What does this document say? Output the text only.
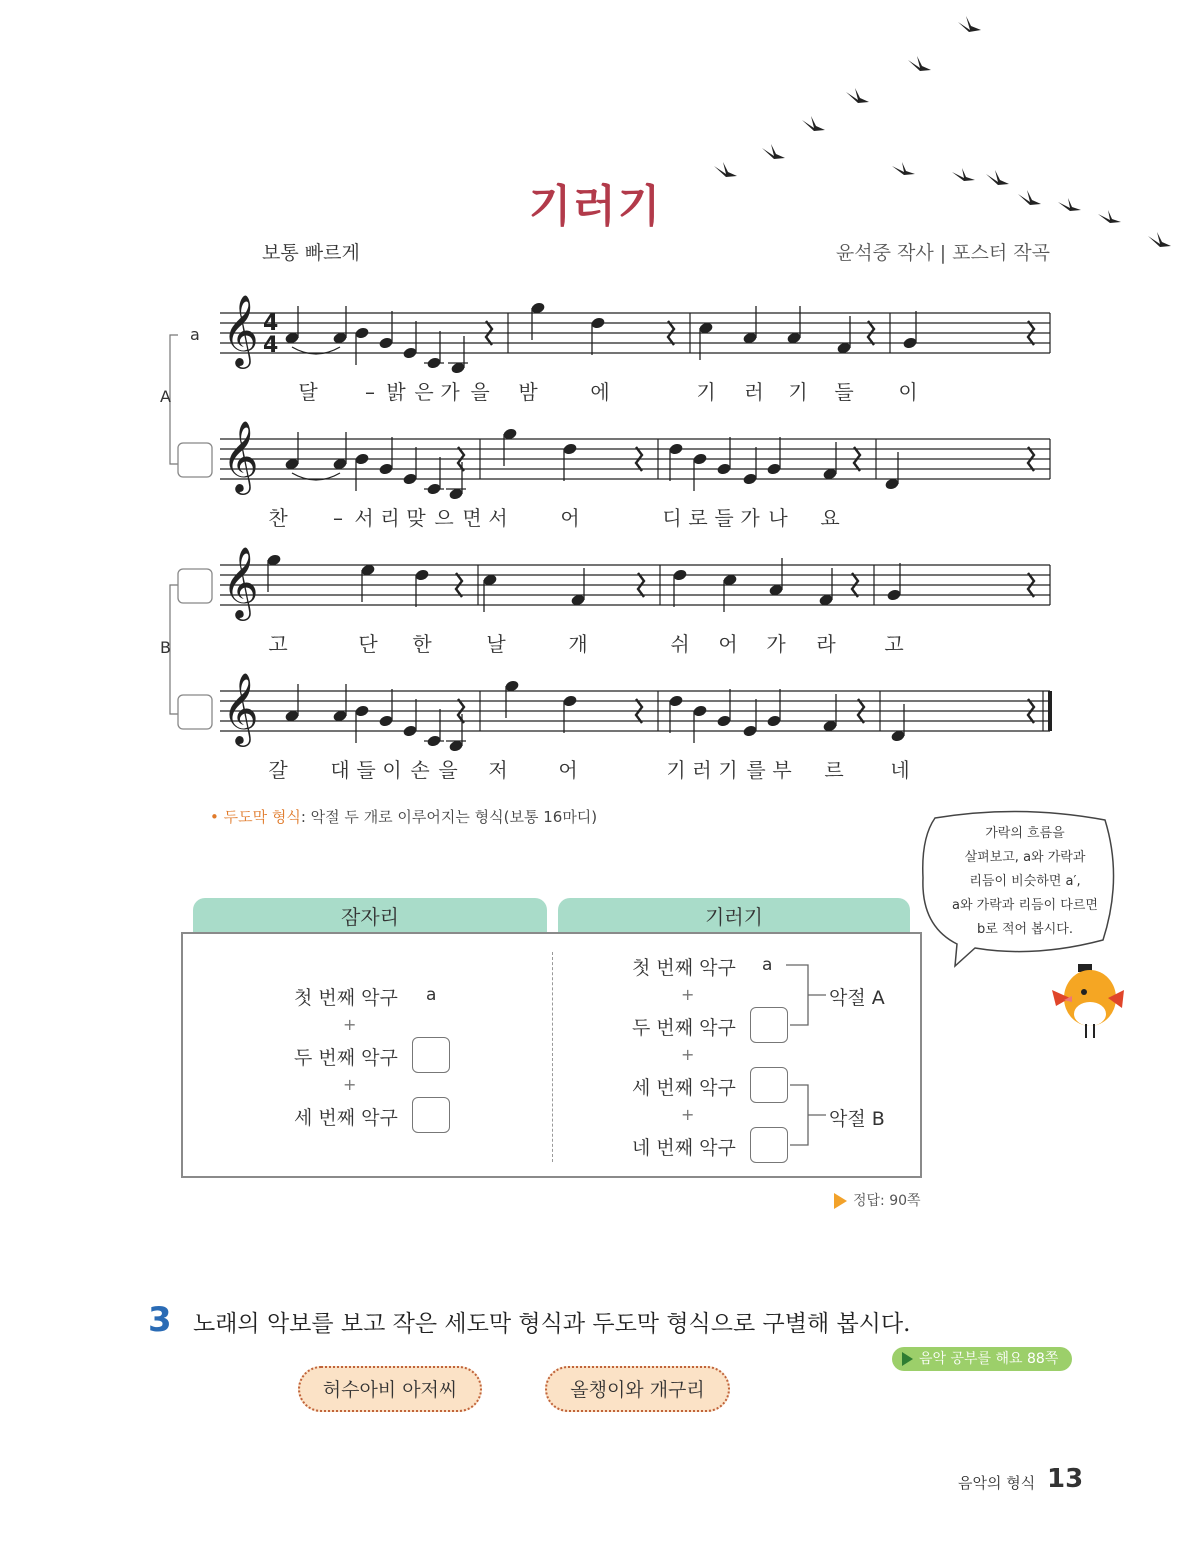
기러기
보통 빠르게	윤석중 작사 | 포스터 작곡
𝄞
달 – 밝 은 가 을 밤	에	기 러 기 들 이
𝄞
찬 – 서 리 맞 으 면 서	어	디 로 들 가 나 요
𝄞
고	단 한	날	개	쉬 어 가 라 고
𝄞
갈 대 들 이 손 을 저	어	기 러 기 를 부 르 네
a
A
B
4
4
• 두도막 형식: 악절 두 개로 이루어지는 형식(보통 16마디)
가락의 흐름을
살펴보고, a와 가락과
리듬이 비슷하면 a′,
a와 가락과 리듬이 다르면
b로 적어 봅시다.
잠자리	기러기
첫 번째 악구 a
+
두 번째 악구
+
세 번째 악구
첫 번째 악구 a
+
두 번째 악구
+
세 번째 악구
+
네 번째 악구
악절 A
악절 B
정답: 90쪽
3 노래의 악보를 보고 작은 세도막 형식과 두도막 형식으로 구별해 봅시다.
음악 공부를 해요 88쪽
허수아비 아저씨	올챙이와 개구리
음악의 형식 13
